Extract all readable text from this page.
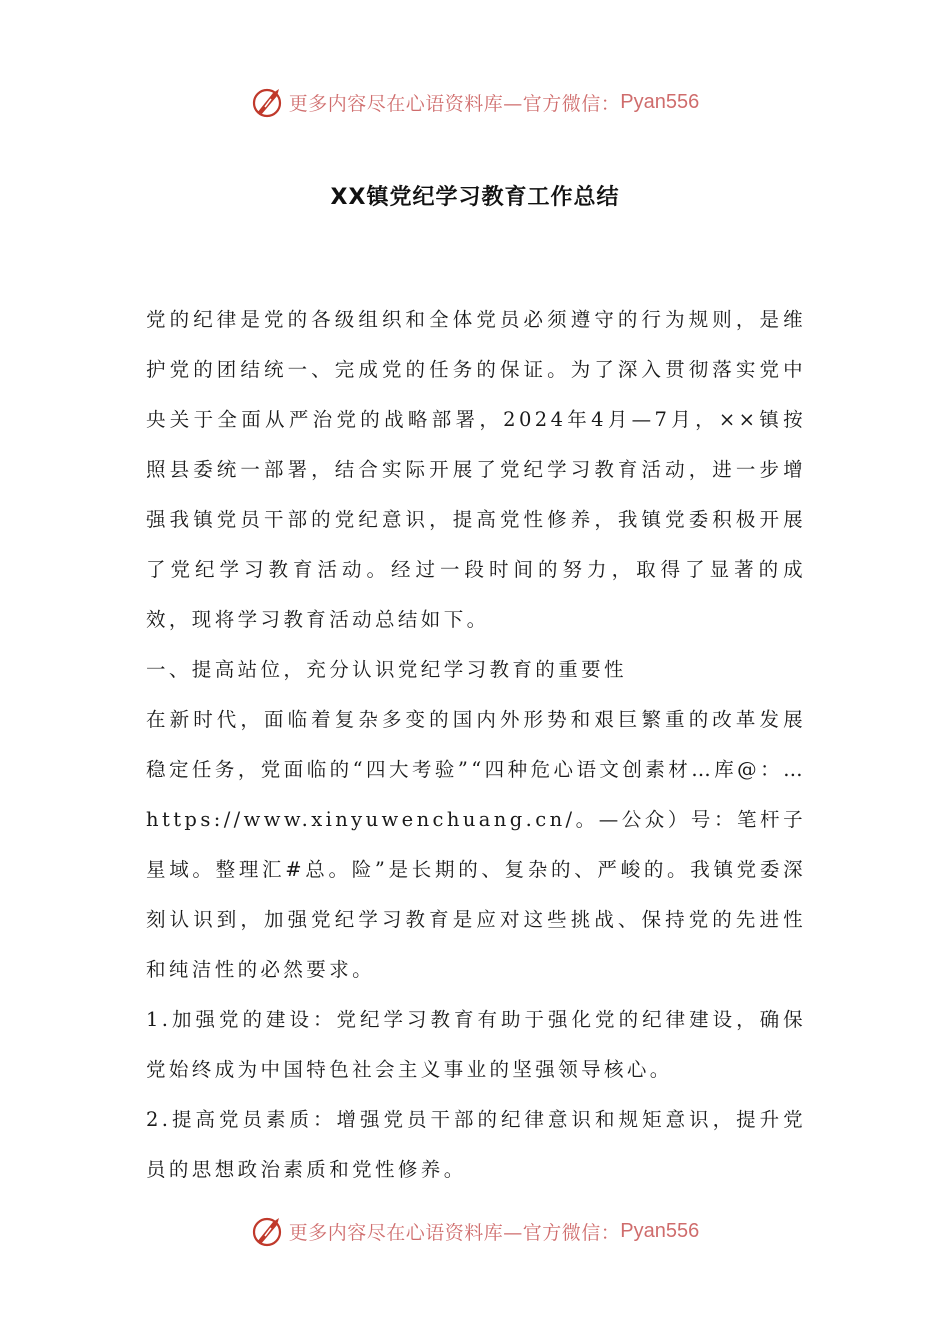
更多内容尽在心语资料库—官方微信： Pyan556
XX镇党纪学习教育工作总结

党的纪律是党的各级组织和全体党员必须遵守的行为规则，是维护党的团结统一、完成党的任务的保证。为了深入贯彻落实党中央关于全面从严治党的战略部署，2024年4月—7月，××镇按照县委统一部署，结合实际开展了党纪学习教育活动，进一步增强我镇党员干部的党纪意识，提高党性修养，我镇党委积极开展了党纪学习教育活动。经过一段时间的努力，取得了显著的成效，现将学习教育活动总结如下。

一、提高站位，充分认识党纪学习教育的重要性

在新时代，面临着复杂多变的国内外形势和艰巨繁重的改革发展稳定任务，党面临的“四大考验”“四种危心语文创素材…库@：…https://www.xinyuwenchuang.cn/。—公众）号：笔杆子星域。整理汇#总。险”是长期的、复杂的、严峻的。我镇党委深刻认识到，加强党纪学习教育是应对这些挑战、保持党的先进性和纯洁性的必然要求。

1.加强党的建设：党纪学习教育有助于强化党的纪律建设，确保党始终成为中国特色社会主义事业的坚强领导核心。

2.提高党员素质：增强党员干部的纪律意识和规矩意识，提升党员的思想政治素质和党性修养。

更多内容尽在心语资料库—官方微信： Pyan556
